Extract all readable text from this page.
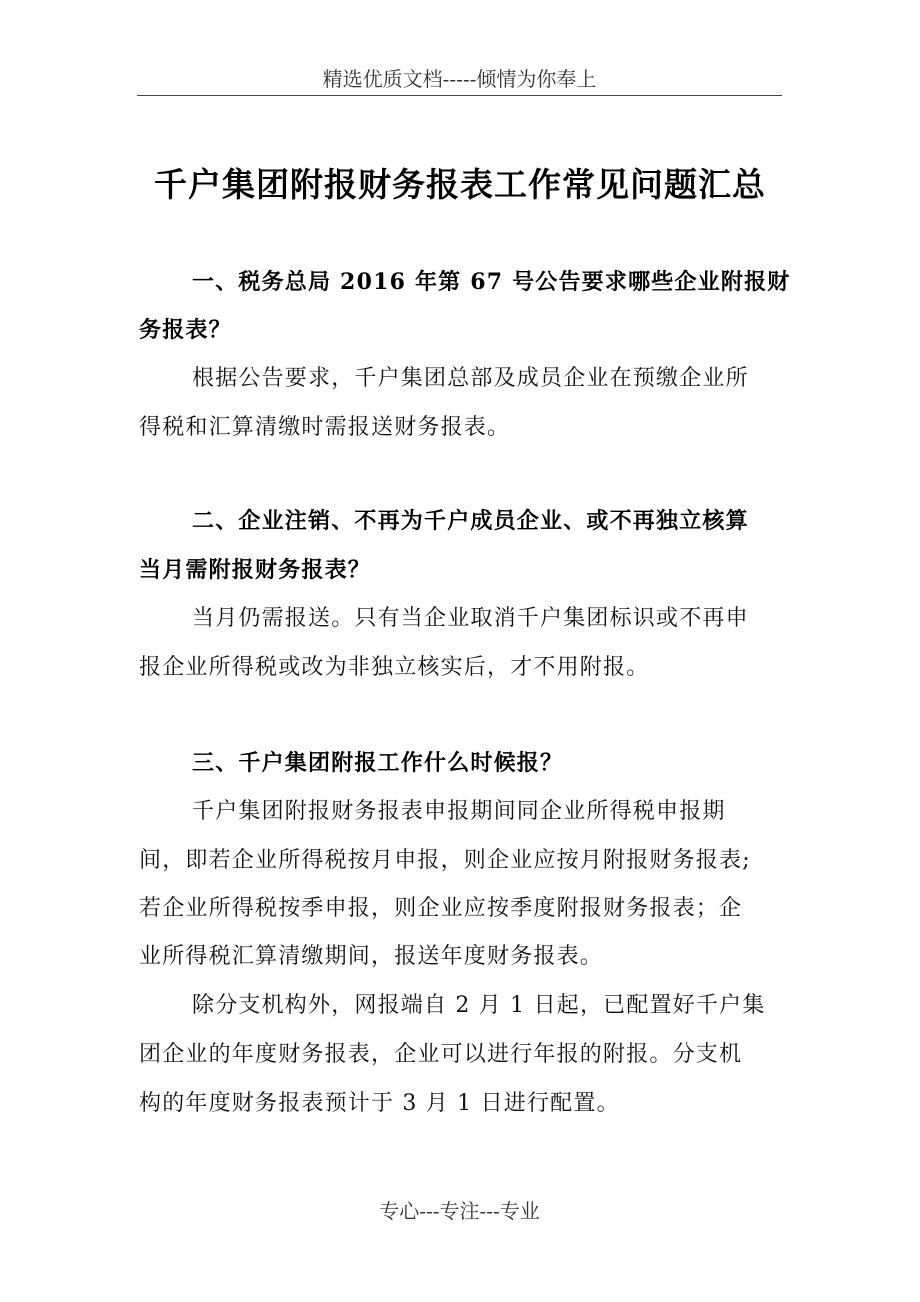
精选优质文档-----倾情为你奉上
千户集团附报财务报表工作常见问题汇总
一、税务总局 2016 年第 67 号公告要求哪些企业附报财
务报表？
根据公告要求，千户集团总部及成员企业在预缴企业所
得税和汇算清缴时需报送财务报表。
二、企业注销、不再为千户成员企业、或不再独立核算
当月需附报财务报表？
当月仍需报送。只有当企业取消千户集团标识或不再申
报企业所得税或改为非独立核实后，才不用附报。
三、千户集团附报工作什么时候报？
千户集团附报财务报表申报期间同企业所得税申报期
间，即若企业所得税按月申报，则企业应按月附报财务报表;
若企业所得税按季申报，则企业应按季度附报财务报表；企
业所得税汇算清缴期间，报送年度财务报表。
除分支机构外，网报端自 2 月 1 日起，已配置好千户集
团企业的年度财务报表，企业可以进行年报的附报。分支机
构的年度财务报表预计于 3 月 1 日进行配置。
专心---专注---专业
